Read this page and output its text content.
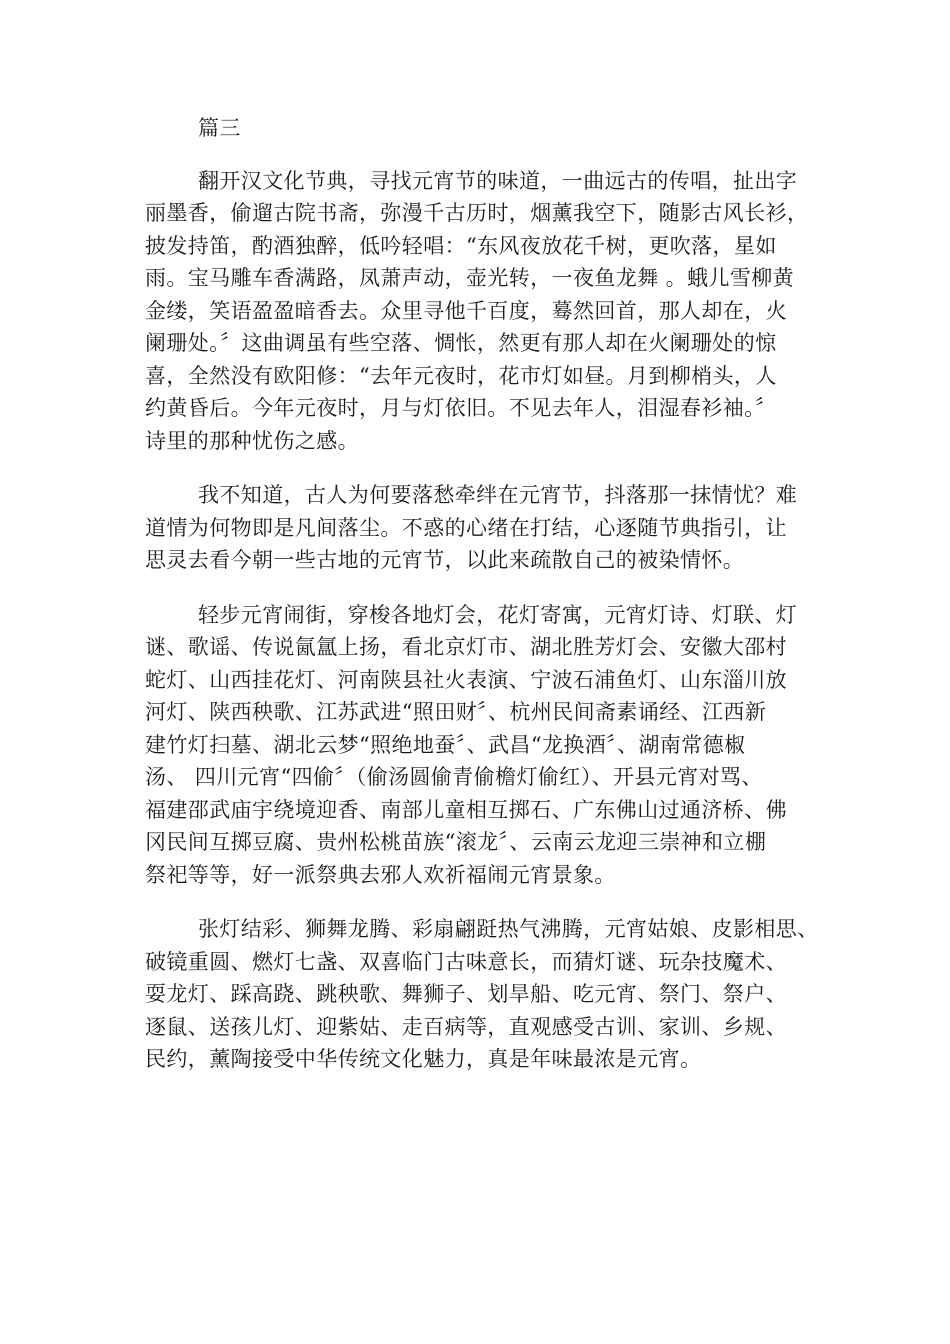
篇三
翻开汉文化节典，寻找元宵节的味道，一曲远古的传唱，扯出字
丽墨香，偷遛古院书斋，弥漫千古历时，烟薰我空下，随影古风长衫，
披发持笛，酌酒独醉，低吟轻唱：“东风夜放花千树，更吹落，星如
雨。宝马雕车香满路，凤萧声动，壶光转，一夜鱼龙舞 。蛾儿雪柳黄
金缕，笑语盈盈暗香去。众里寻他千百度，蓦然回首，那人却在，火
阑珊处。〞这曲调虽有些空落、惆怅，然更有那人却在火阑珊处的惊
喜，全然没有欧阳修：“去年元夜时，花市灯如昼。月到柳梢头，人
约黄昏后。今年元夜时，月与灯依旧。不见去年人，泪湿春衫袖。〞
诗里的那种忧伤之感。
我不知道，古人为何要落愁牵绊在元宵节，抖落那一抹情忧？难
道情为何物即是凡间落尘。不惑的心绪在打结，心逐随节典指引，让
思灵去看今朝一些古地的元宵节，以此来疏散自己的被染情怀。
轻步元宵闹街，穿梭各地灯会，花灯寄寓，元宵灯诗、灯联、灯
谜、歌谣、传说氤氲上扬，看北京灯市、湖北胜芳灯会、安徽大邵村
蛇灯、山西挂花灯、河南陕县社火表演、宁波石浦鱼灯、山东淄川放
河灯、陕西秧歌、江苏武进“照田财〞、杭州民间斋素诵经、江西新
建竹灯扫墓、湖北云梦“照绝地蚕〞、武昌“龙换酒〞、湖南常德椒
汤、 四川元宵“四偷〞（偷汤圆偷青偷檐灯偷红）、开县元宵对骂、
福建邵武庙宇绕境迎香、南部儿童相互掷石、广东佛山过通济桥、佛
冈民间互掷豆腐、贵州松桃苗族“滚龙〞、云南云龙迎三崇神和立棚
祭祀等等，好一派祭典去邪人欢祈福闹元宵景象。
张灯结彩、狮舞龙腾、彩扇翩跹热气沸腾，元宵姑娘、皮影相思、
破镜重圆、燃灯七盏、双喜临门古味意长，而猜灯谜、玩杂技魔术、
耍龙灯、踩高跷、跳秧歌、舞狮子、划旱船、吃元宵、祭门、祭户、
逐鼠、送孩儿灯、迎紫姑、走百病等，直观感受古训、家训、乡规、
民约，薰陶接受中华传统文化魅力，真是年味最浓是元宵。
